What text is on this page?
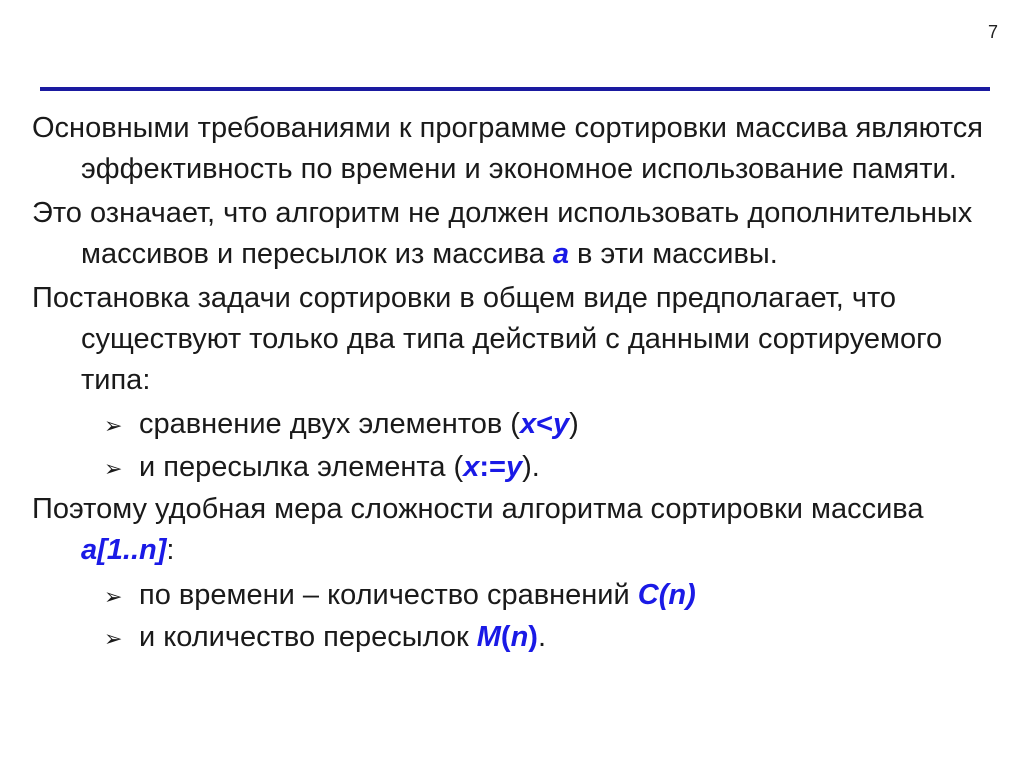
7

Основными требованиями к программе сортировки массива являются эффективность по времени и экономное использование памяти.

Это означает, что алгоритм не должен использовать дополнительных массивов и пересылок из массива a в эти массивы.

Постановка задачи сортировки в общем виде предполагает, что существуют только два типа действий с данными сортируемого типа:

➢ сравнение двух элементов (x<y)

➢ и пересылка элемента (x:=y).

Поэтому удобная мера сложности алгоритма сортировки массива a[1..n]:

➢ по времени – количество сравнений C(n)

➢ и количество пересылок M(n).
